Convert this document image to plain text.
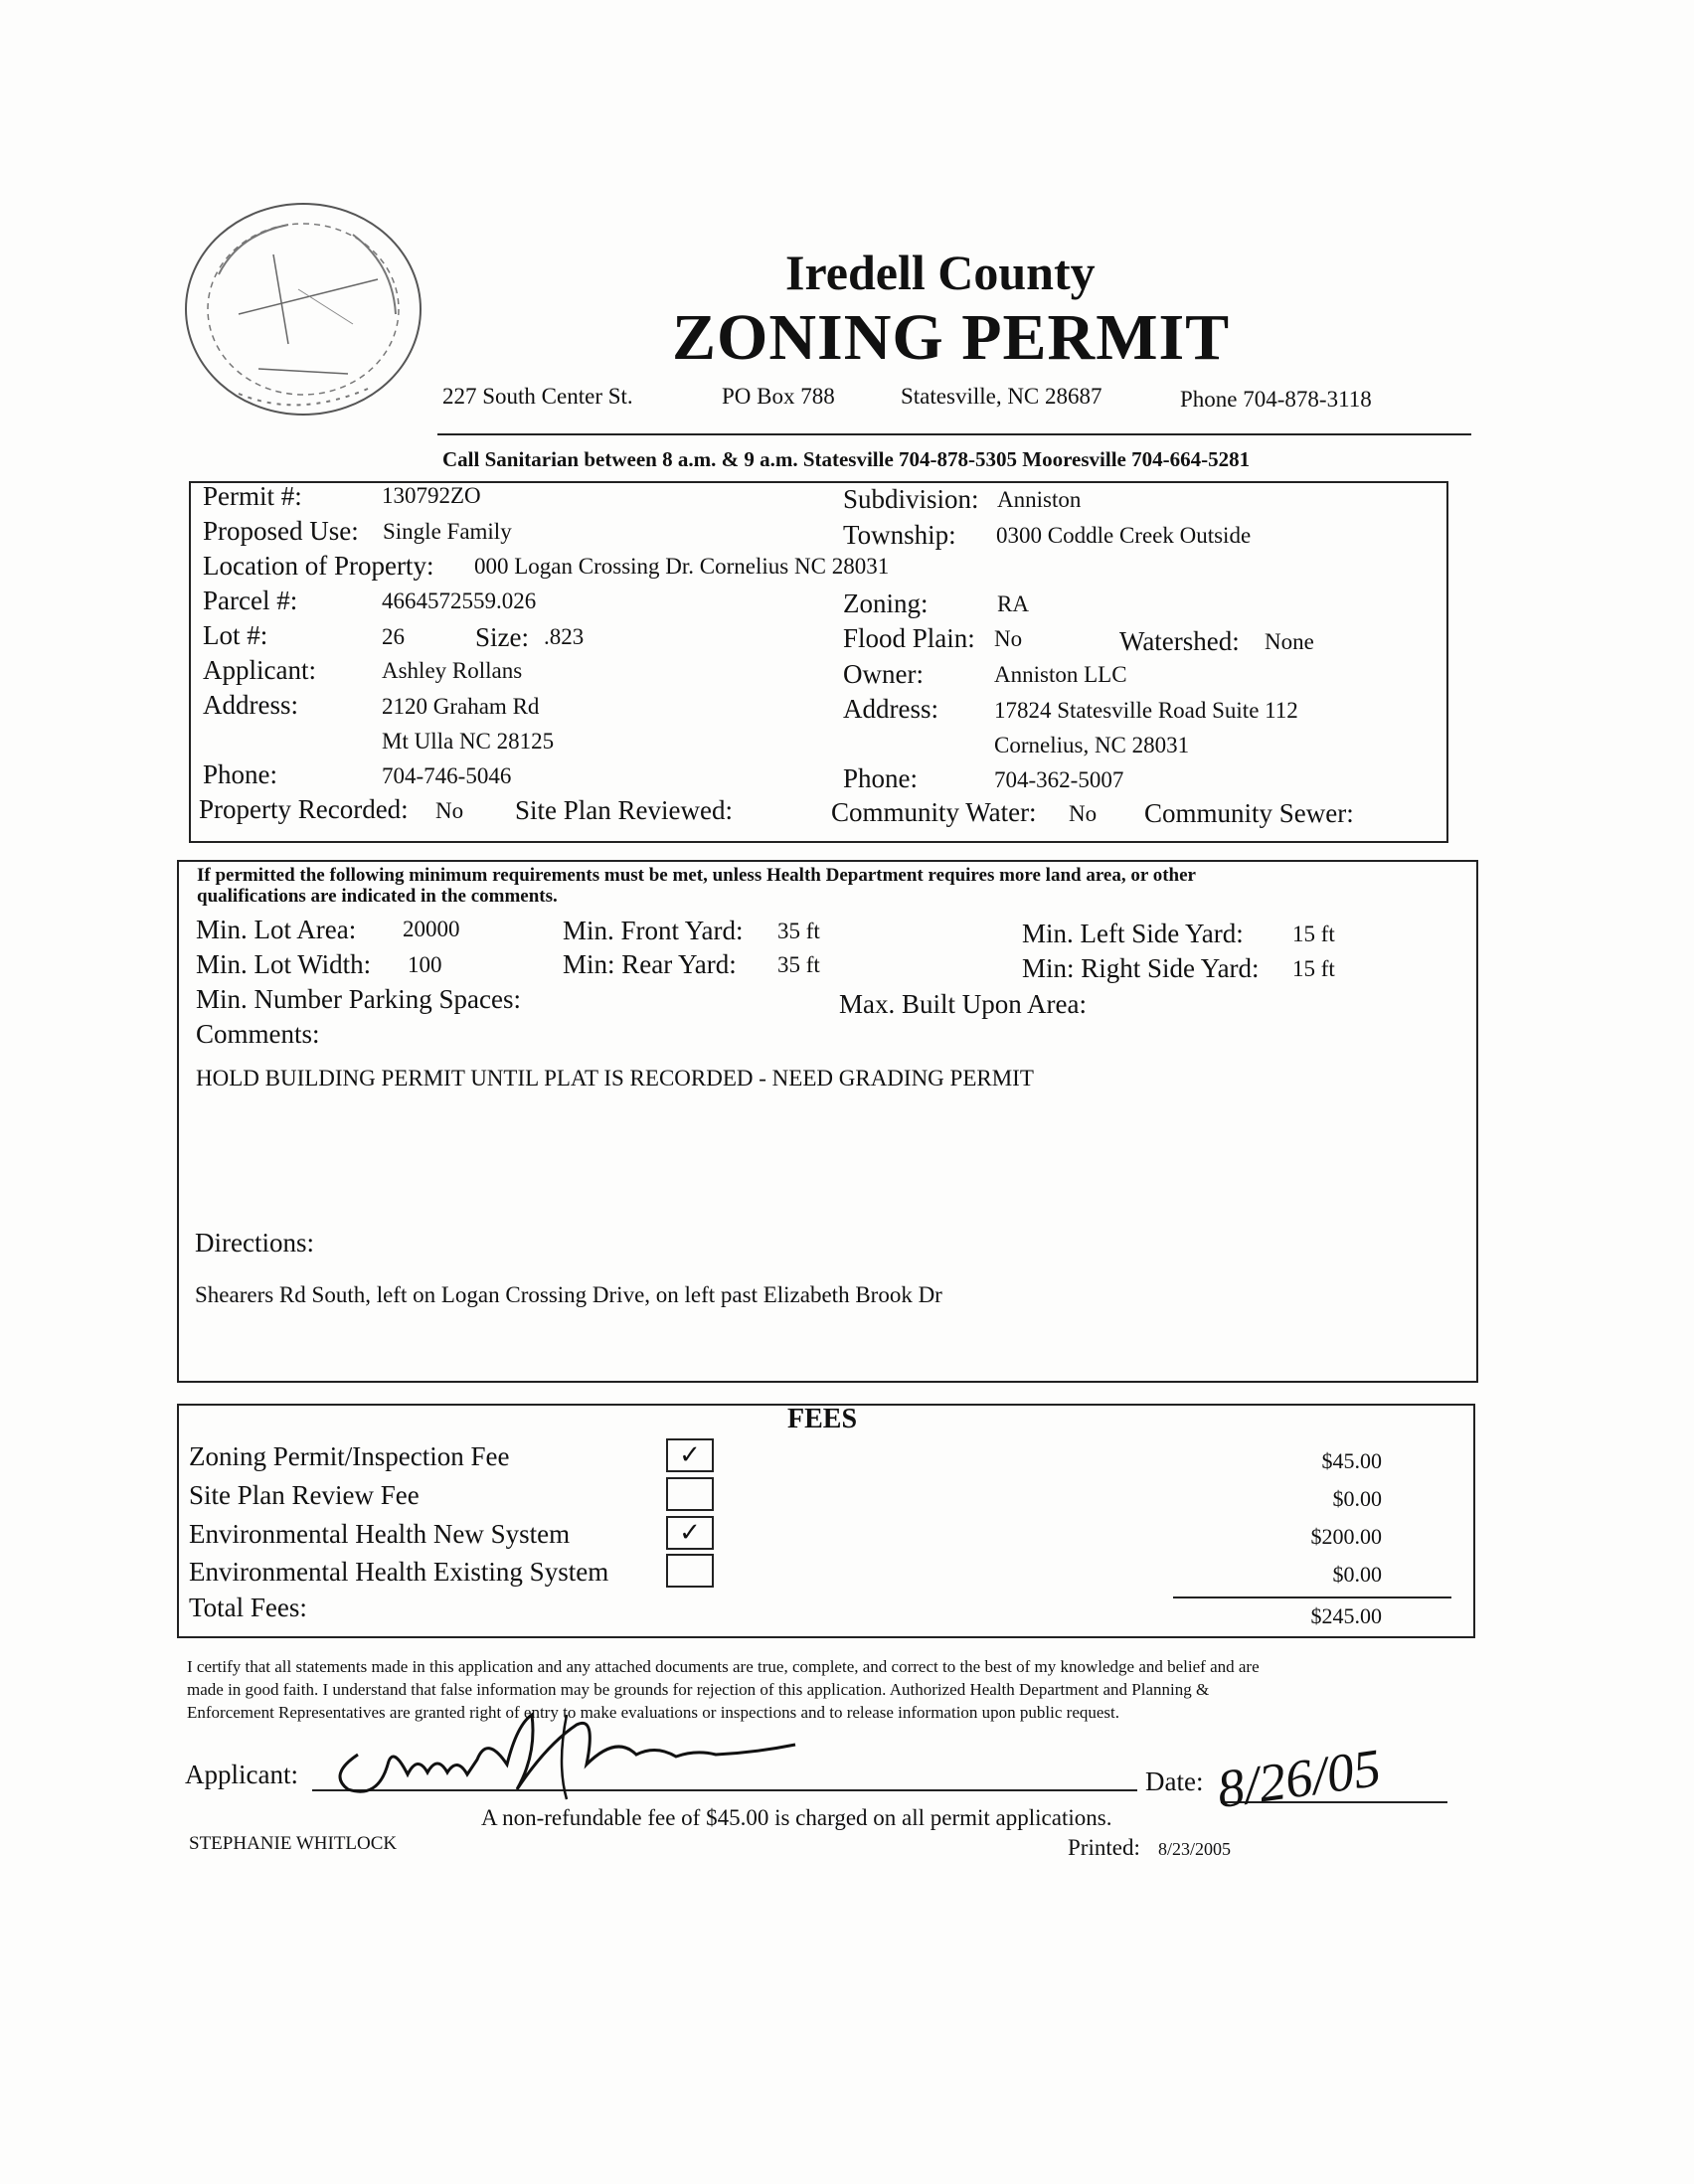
Iredell County
ZONING PERMIT
227 South Center St.	PO Box 788	Statesville, NC 28687	Phone 704-878-3118
Call Sanitarian between 8 a.m. & 9 a.m. Statesville 704-878-5305 Mooresville 704-664-5281
Permit #:	130792ZO	Subdivision: Anniston
Proposed Use: Single Family	Township: 0300 Coddle Creek Outside
Location of Property: 000 Logan Crossing Dr. Cornelius NC 28031
Parcel #:	4664572559.026	Zoning:	RA
Lot #:	26	Size: .823	Flood Plain: No	Watershed: None
Applicant:	Ashley Rollans	Owner:	Anniston LLC
Address:	2120 Graham Rd
Mt Ulla NC 28125
Address: 17824 Statesville Road Suite 112
Cornelius, NC 28031
Phone:	704-746-5046	Phone:	704-362-5007
Property Recorded: No Site Plan Reviewed:	Community Water: No Community Sewer:
If permitted the following minimum requirements must be met, unless Health Department requires more land area, or other
qualifications are indicated in the comments.
Min. Lot Area: 20000	Min. Front Yard: 35 ft	Min. Left Side Yard: 15 ft
Min. Lot Width: 100	Min: Rear Yard: 35 ft	Min: Right Side Yard: 15 ft
Min. Number Parking Spaces:	Max. Built Upon Area:
Comments:
HOLD BUILDING PERMIT UNTIL PLAT IS RECORDED - NEED GRADING PERMIT
Directions:
Shearers Rd South, left on Logan Crossing Drive, on left past Elizabeth Brook Dr
FEES
Zoning Permit/Inspection Fee	✓	$45.00
Site Plan Review Fee	$0.00
Environmental Health New System	✓	$200.00
Environmental Health Existing System	$0.00
Total Fees:	$245.00
I certify that all statements made in this application and any attached documents are true, complete, and correct to the best of my knowledge and belief and are
made in good faith. I understand that false information may be grounds for rejection of this application. Authorized Health Department and Planning &
Enforcement Representatives are granted right of entry to make evaluations or inspections and to release information upon public request.
Applicant:	Date: 8/26/05
A non-refundable fee of $45.00 is charged on all permit applications.
STEPHANIE WHITLOCK	Printed: 8/23/2005
